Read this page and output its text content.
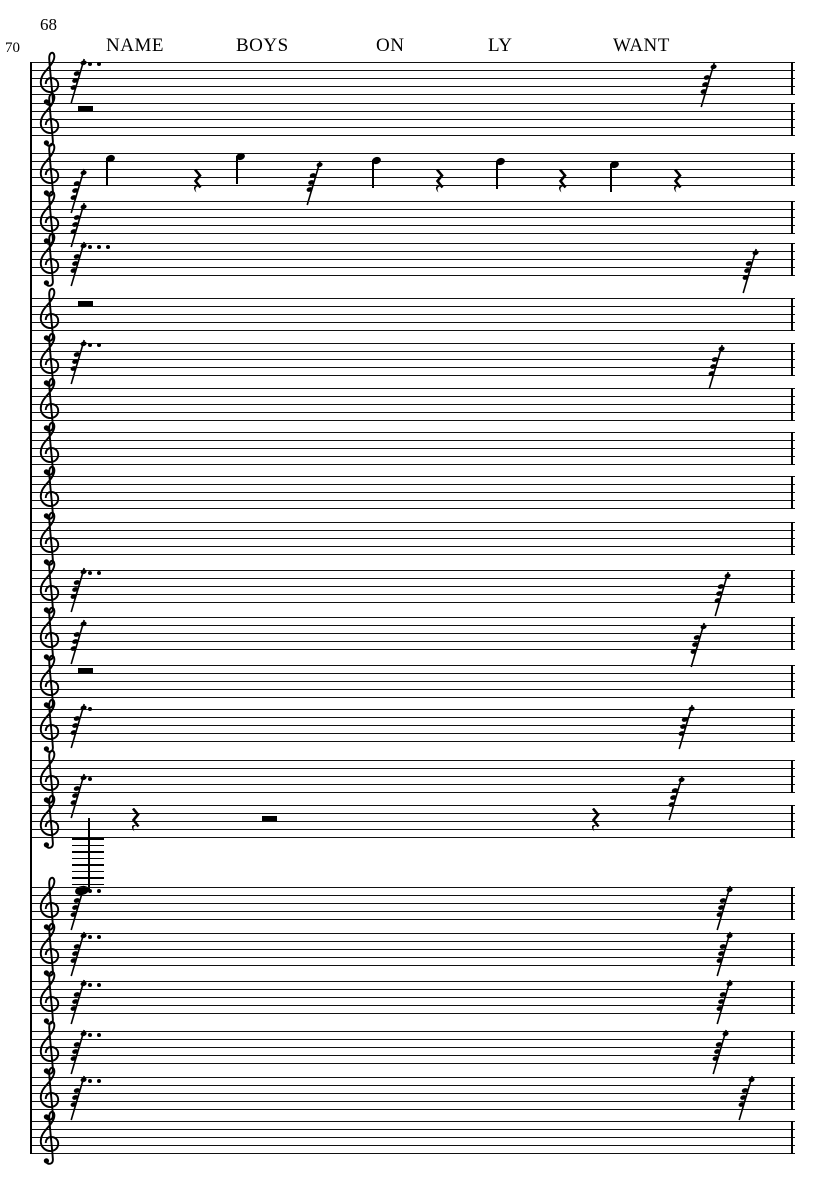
68
70	NAME	BOYS	ON	LY	WANT
